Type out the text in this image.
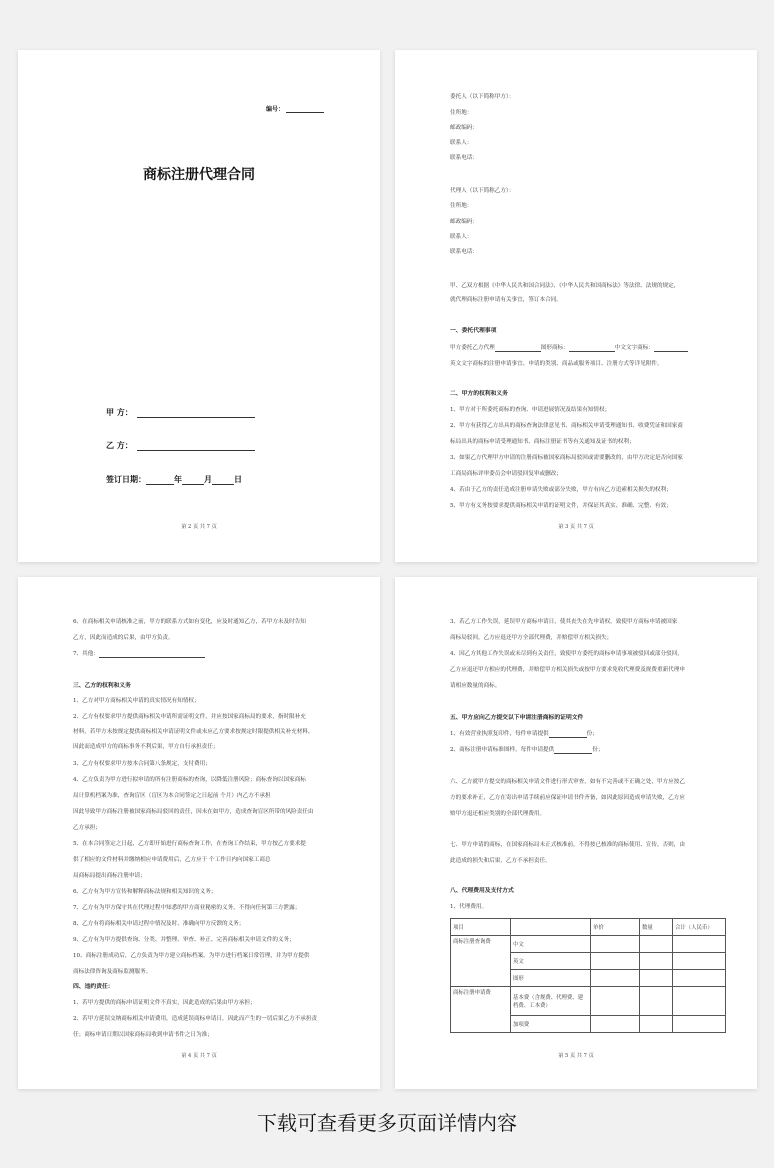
编号：
商标注册代理合同
甲 方：
乙 方：
签订日期：	年	月	日
第 2 页 共 7 页
委托人（以下简称甲方）：
住所地：
邮政编码：
联系人：
联系电话：
代理人（以下简称乙方）：
住所地：
邮政编码：
联系人：
联系电话：
甲、乙双方根据《中华人民共和国合同法》、《中华人民共和国商标法》等法律、法规的规定，
就代理商标注册申请有关事宜，签订本合同。
一、委托代理事项
甲方委托乙方代理	图形商标：	中文文字商标：
英文文字商标的注册申请事宜、申请的类别、商品或服务项目、注册方式等详见附件。
二、甲方的权利和义务
1、甲方对于所委托商标的查询、申请进展情况及结果有知情权；
2、甲方有获得乙方出具的商标查询法律意见书、商标相关申请受理通知书、收费凭证和国家商
标局出具的商标申请受理通知书、商标注册证书等有关通知及证书的权利；
3、如果乙方代理甲方申请的注册商标被国家商标局驳回或需要删改的，由甲方决定是否向国家
工商局商标评审委员会申请驳回复审或删改；
4、若由于乙方的责任造成注册申请失败或部分失败，甲方有向乙方追索相关损失的权利；
5、甲方有义务按要求提供商标相关申请的证明文件，并保证其真实、准确、完整、有效；
第 3 页 共 7 页
6、在商标相关申请核准之前，甲方的联系方式如有变化，应及时通知乙方，若甲方未及时告知
乙方，因此而造成的后果，由甲方负责。
7、其他：
三、乙方的权利和义务
1、乙方对甲方商标相关申请的真实情况有知情权；
2、乙方有权要求甲方提供商标相关申请所需证明文件，并应按国家商标局的要求，指时限补充
材料，若甲方未按规定提供商标相关申请证明文件或未应乙方要求按规定时限提供相关补充材料，
因此而造成甲方的商标事务不利后果，甲方自行承担责任；
3、乙方有权要求甲方按本合同第八条规定，支付费用；
4、乙方负责为甲方进行拟申请的所有注册商标的查询，以降低注册风险；商标查询以国家商标
局计算机档案为准，查询盲区（盲区为本合同签定之日起前 个月）内乙方不承担
因此导致甲方商标注册被国家商标局驳回的责任，因未在如甲方，造成查询盲区所带的风险责任由
乙方承担；
5、在本合同签定之日起，乙方即开始进行商标查询工作，在查询工作结束，甲方按乙方要求提
供了相应的文件材料并缴纳相应申请费用后，乙方应于 个工作日内向国家工商总
局商标局提出商标注册申请；
6、乙方有为甲方宣传和解释商标法规和相关知识的义务；
7、乙方有为甲方保守其在代理过程中知悉的甲方商业秘密的义务，不得向任何第三方泄露；
8、乙方有将商标相关申请过程中情况及时、准确向甲方反馈的义务；
9、乙方有为甲方提供查询、分类、并整理、审查、补正、完善商标相关申请文件的义务；
10、商标注册成功后，乙方负责为甲方建立商标档案，为甲方进行档案日常管理，并为甲方提供
商标法律咨询及商标监测服务。
四、违约责任：
1、若甲方提供的商标申请证明文件不真实，因此造成的后果由甲方承担；
2、若甲方延误交纳商标相关申请费用，造成延误商标申请日，因此而产生的一切后果乙方不承担责
任；商标申请日期以国家商标局收到申请书件之日为准；
第 4 页 共 7 页
3、若乙方工作失误，延误甲方商标申请日，使其丧失在先申请权，致使甲方商标申请被国家
商标局驳回，乙方应退还甲方全部代理费，并赔偿甲方相关损失；
4、因乙方其他工作失误或未尽到有关责任，致使甲方委托的商标申请事项被驳回或部分驳回，
乙方应退还甲方相应的代理费，并赔偿甲方相关损失或按甲方要求免收代理费及规费重新代理申
请相应数量的商标。
五、甲方应向乙方提交以下申请注册商标的证明文件
1、有效营业执照复印件，每件申请提供	份；
2、商标注册申请标准图样，每件申请提供	份；
六、乙方就甲方提交的商标相关申请文件进行形式审查，如有不完善或不正确之处，甲方应按乙
方的要求补正，乙方在寄出申请手续前应保证申请书件齐备，如因此原因造成申请失败，乙方应
赔甲方退还相应类别的全部代理费用。
七、甲方申请的商标，在国家商标局未正式核准前，不得按已核准的商标使用、宣传，否则，由
此造成的损失和后果，乙方不承担责任。
八、代理费用及支付方式
1、代理费用。
项目		单价	数量	合计（人民币）
商标注册查询费	中文			
	英文			
	图形			
商标注册申请费	基本费（含规费、代理费、建档费、工本费）			
	加项费			
第 5 页 共 7 页
下载可查看更多页面详情内容
